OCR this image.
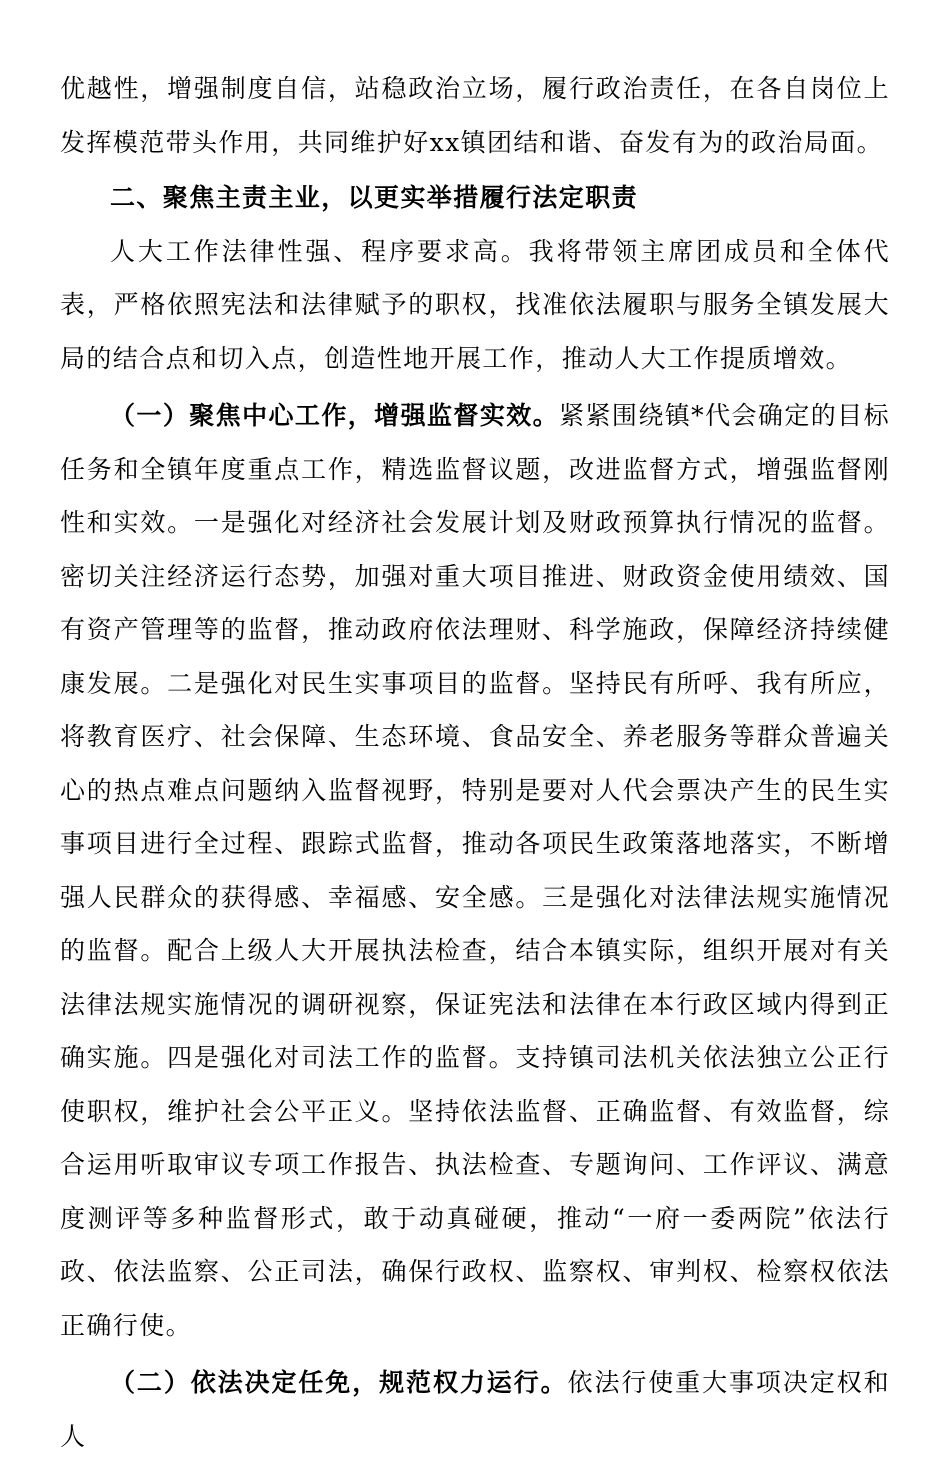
优越性，增强制度自信，站稳政治立场，履行政治责任，在各自岗位上发挥模范带头作用，共同维护好xx镇团结和谐、奋发有为的政治局面。

二、聚焦主责主业，以更实举措履行法定职责

人大工作法律性强、程序要求高。我将带领主席团成员和全体代表，严格依照宪法和法律赋予的职权，找准依法履职与服务全镇发展大局的结合点和切入点，创造性地开展工作，推动人大工作提质增效。

（一）聚焦中心工作，增强监督实效。紧紧围绕镇*代会确定的目标任务和全镇年度重点工作，精选监督议题，改进监督方式，增强监督刚性和实效。一是强化对经济社会发展计划及财政预算执行情况的监督。密切关注经济运行态势，加强对重大项目推进、财政资金使用绩效、国有资产管理等的监督，推动政府依法理财、科学施政，保障经济持续健康发展。二是强化对民生实事项目的监督。坚持民有所呼、我有所应，将教育医疗、社会保障、生态环境、食品安全、养老服务等群众普遍关心的热点难点问题纳入监督视野，特别是要对人代会票决产生的民生实事项目进行全过程、跟踪式监督，推动各项民生政策落地落实，不断增强人民群众的获得感、幸福感、安全感。三是强化对法律法规实施情况的监督。配合上级人大开展执法检查，结合本镇实际，组织开展对有关法律法规实施情况的调研视察，保证宪法和法律在本行政区域内得到正确实施。四是强化对司法工作的监督。支持镇司法机关依法独立公正行使职权，维护社会公平正义。坚持依法监督、正确监督、有效监督，综合运用听取审议专项工作报告、执法检查、专题询问、工作评议、满意度测评等多种监督形式，敢于动真碰硬，推动“一府一委两院”依法行政、依法监察、公正司法，确保行政权、监察权、审判权、检察权依法正确行使。

（二）依法决定任免，规范权力运行。依法行使重大事项决定权和人
